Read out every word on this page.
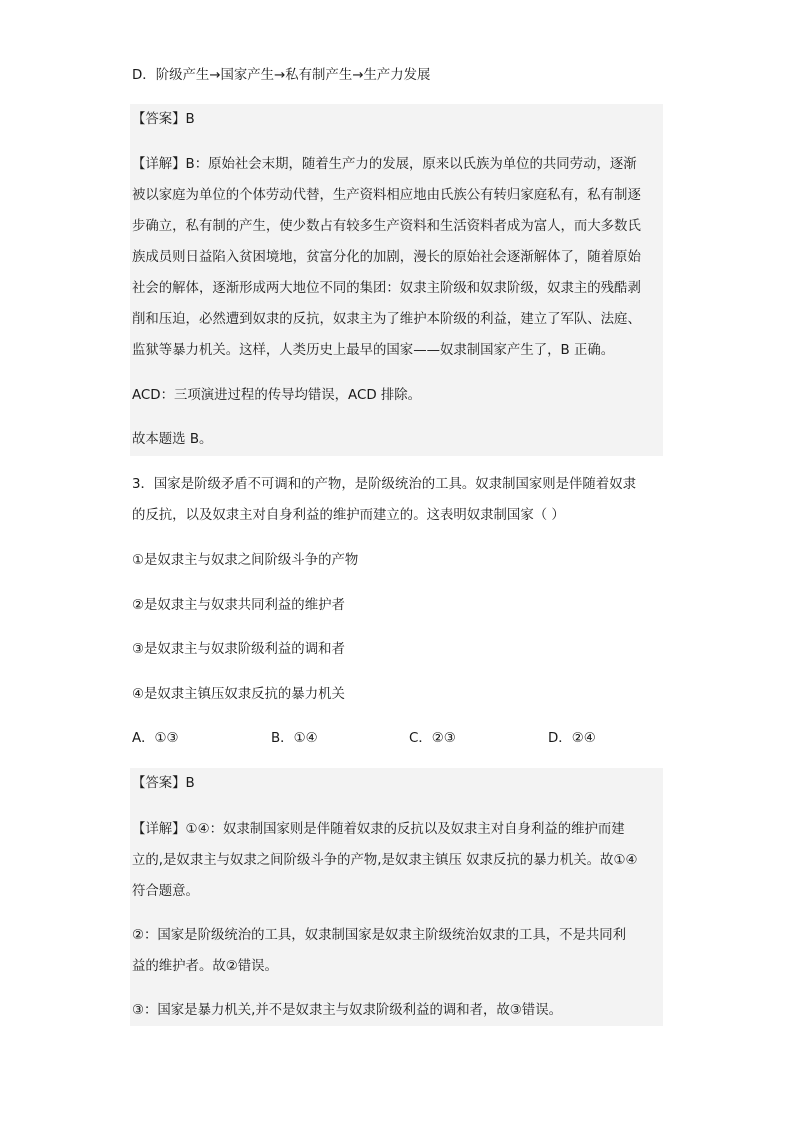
D．阶级产生→国家产生→私有制产生→生产力发展
【答案】B
【详解】B：原始社会末期，随着生产力的发展，原来以氏族为单位的共同劳动，逐渐
被以家庭为单位的个体劳动代替，生产资料相应地由氏族公有转归家庭私有，私有制逐
步确立，私有制的产生，使少数占有较多生产资料和生活资料者成为富人，而大多数氏
族成员则日益陷入贫困境地，贫富分化的加剧，漫长的原始社会逐渐解体了，随着原始
社会的解体，逐渐形成两大地位不同的集团：奴隶主阶级和奴隶阶级，奴隶主的残酷剥
削和压迫，必然遭到奴隶的反抗，奴隶主为了维护本阶级的利益，建立了军队、法庭、
监狱等暴力机关。这样，人类历史上最早的国家——奴隶制国家产生了，B 正确。
ACD：三项演进过程的传导均错误，ACD 排除。
故本题选 B。
3．国家是阶级矛盾不可调和的产物，是阶级统治的工具。奴隶制国家则是伴随着奴隶
的反抗，以及奴隶主对自身利益的维护而建立的。这表明奴隶制国家（ ）
①是奴隶主与奴隶之间阶级斗争的产物
②是奴隶主与奴隶共同利益的维护者
③是奴隶主与奴隶阶级利益的调和者
④是奴隶主镇压奴隶反抗的暴力机关
A．①③	B．①④	C．②③	D．②④
【答案】B
【详解】①④：奴隶制国家则是伴随着奴隶的反抗以及奴隶主对自身利益的维护而建
立的,是奴隶主与奴隶之间阶级斗争的产物,是奴隶主镇压 奴隶反抗的暴力机关。故①④
符合题意。
②：国家是阶级统治的工具，奴隶制国家是奴隶主阶级统治奴隶的工具，不是共同利
益的维护者。故②错误。
③：国家是暴力机关,并不是奴隶主与奴隶阶级利益的调和者，故③错误。
